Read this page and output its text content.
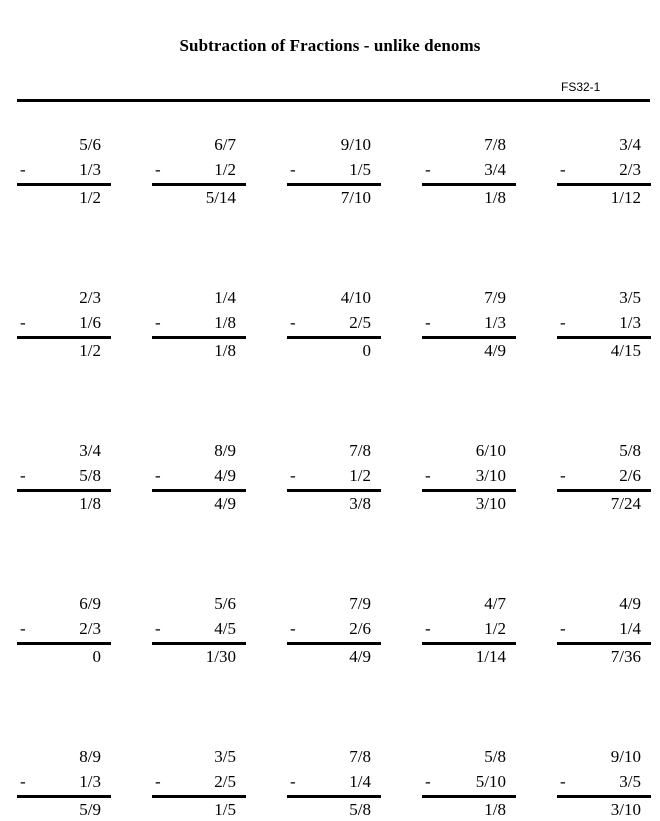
Subtraction of Fractions - unlike denoms
FS32-1
5/6
-	1/3
1/2
6/7
-	1/2
5/14
9/10
-	1/5
7/10
7/8
-	3/4
1/8
3/4
-	2/3
1/12
2/3
-	1/6
1/2
1/4
-	1/8
1/8
4/10
-	2/5
0
7/9
-	1/3
4/9
3/5
-	1/3
4/15
3/4
-	5/8
1/8
8/9
-	4/9
4/9
7/8
-	1/2
3/8
6/10
-	3/10
3/10
5/8
-	2/6
7/24
6/9
-	2/3
0
5/6
-	4/5
1/30
7/9
-	2/6
4/9
4/7
-	1/2
1/14
4/9
-	1/4
7/36
8/9
-	1/3
5/9
3/5
-	2/5
1/5
7/8
-	1/4
5/8
5/8
-	5/10
1/8
9/10
-	3/5
3/10
